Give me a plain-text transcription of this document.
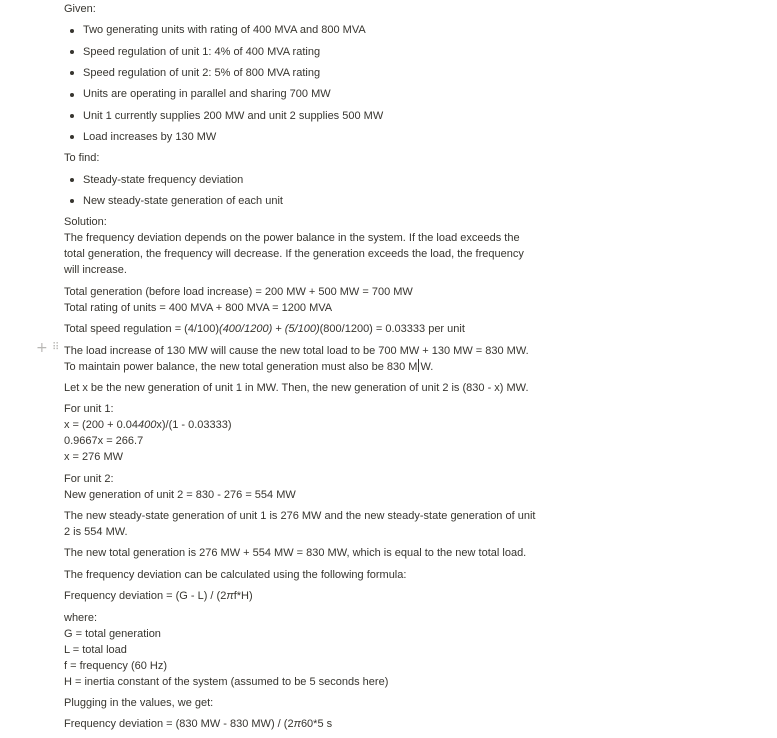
+ ⠿
Given:
Two generating units with rating of 400 MVA and 800 MVA
Speed regulation of unit 1: 4% of 400 MVA rating
Speed regulation of unit 2: 5% of 800 MVA rating
Units are operating in parallel and sharing 700 MW
Unit 1 currently supplies 200 MW and unit 2 supplies 500 MW
Load increases by 130 MW
To find:
Steady-state frequency deviation
New steady-state generation of each unit
Solution:
The frequency deviation depends on the power balance in the system. If the load exceeds the total generation, the frequency will decrease. If the generation exceeds the load, the frequency will increase.
Total generation (before load increase) = 200 MW + 500 MW = 700 MW
Total rating of units = 400 MVA + 800 MVA = 1200 MVA
Total speed regulation = (4/100)(400/1200) + (5/100)(800/1200) = 0.03333 per unit
The load increase of 130 MW will cause the new total load to be 700 MW + 130 MW = 830 MW.
To maintain power balance, the new total generation must also be 830 M W.
Let x be the new generation of unit 1 in MW. Then, the new generation of unit 2 is (830 - x) MW.
For unit 1:
x = (200 + 0.04400x)/(1 - 0.03333)
0.9667x = 266.7
x = 276 MW
For unit 2:
New generation of unit 2 = 830 - 276 = 554 MW
The new steady-state generation of unit 1 is 276 MW and the new steady-state generation of unit 2 is 554 MW.
The new total generation is 276 MW + 554 MW = 830 MW, which is equal to the new total load.
The frequency deviation can be calculated using the following formula:
Frequency deviation = (G - L) / (2πf*H)
where:
G = total generation
L = total load
f = frequency (60 Hz)
H = inertia constant of the system (assumed to be 5 seconds here)
Plugging in the values, we get:
Frequency deviation = (830 MW - 830 MW) / (2π60*5 s
